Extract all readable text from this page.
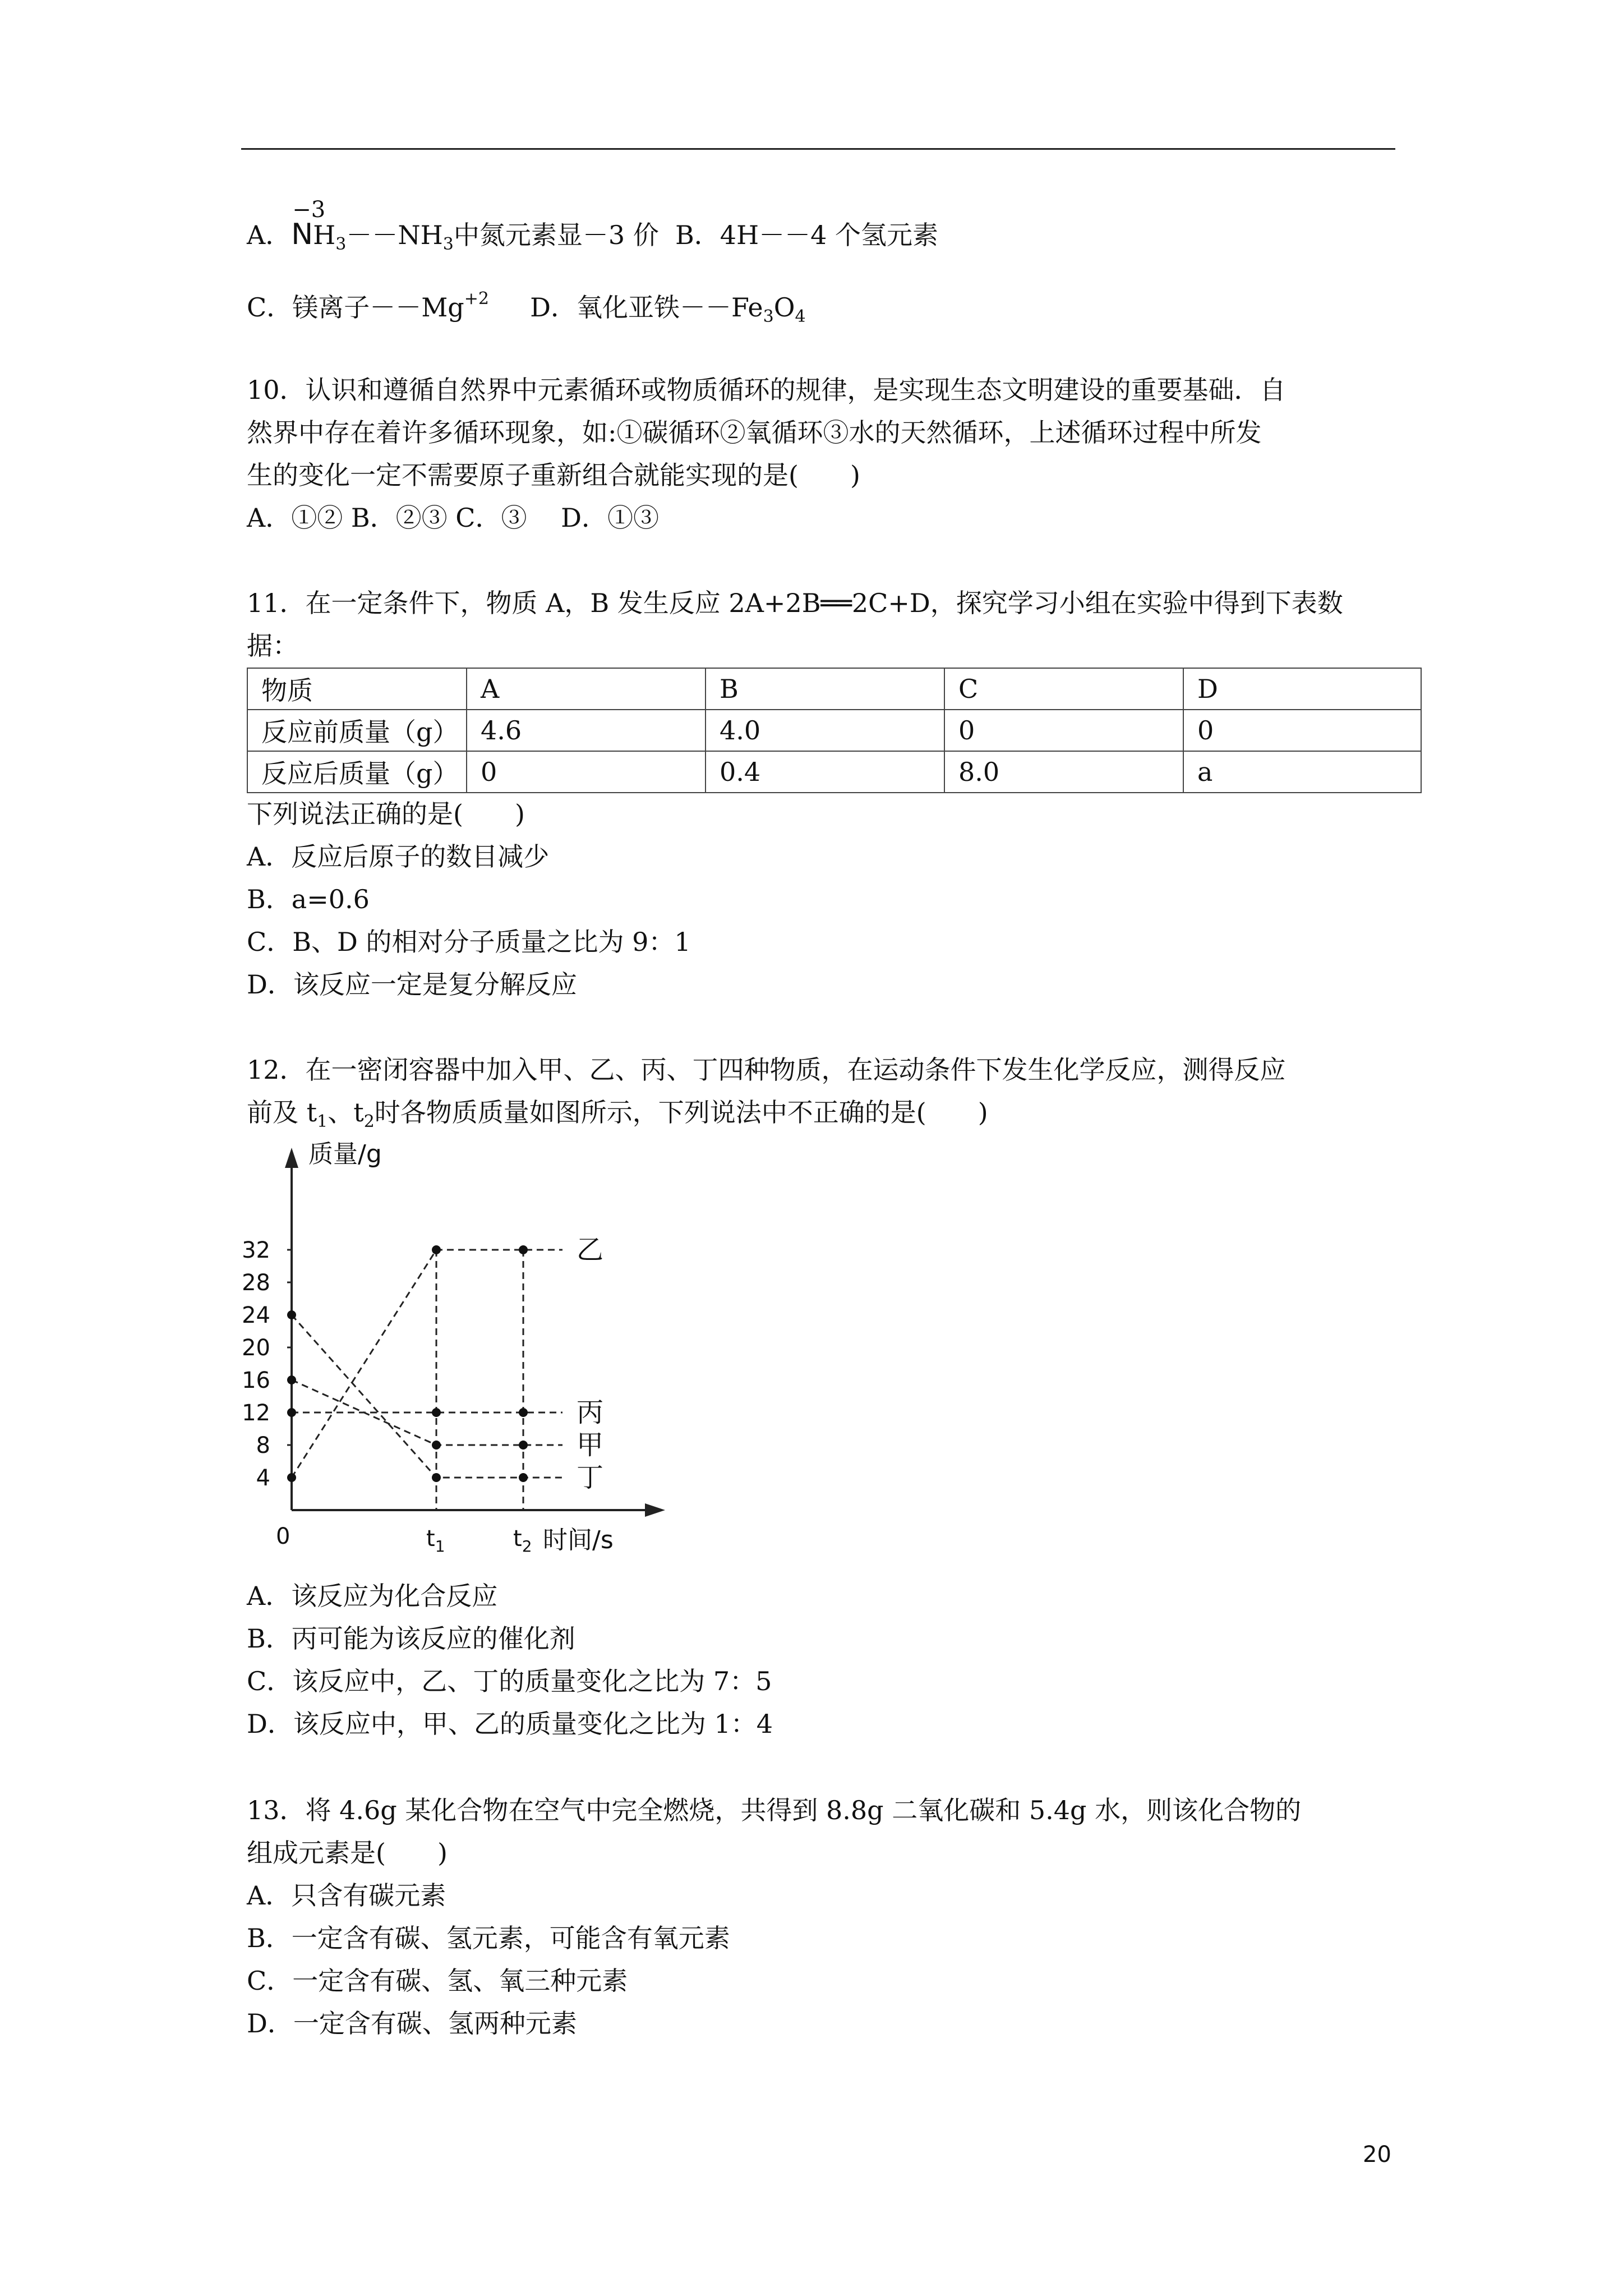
A．
−3
$NH_3--NH_3$中氮元素显－3 价 B．4H－－4 个氢元素
C．镁离子$--Mg^{+2}$ D．氧化亚铁$--Fe_3O_4$
10．认识和遵循自然界中元素循环或物质循环的规律，是实现生态文明建设的重要基础．自
然界中存在着许多循环现象，如:①碳循环②氧循环③水的天然循环，上述循环过程中所发
生的变化一定不需要原子重新组合就能实现的是(　　)
A．①② B．②③ C．③　 D．①③
11．在一定条件下，物质 A，B 发生反应 2A+2B══2C+D，探究学习小组在实验中得到下表数
据：
物质	A	B	C	D
反应前质量（g）	4.6	4.0	0	0
反应后质量（g）	0	0.4	8.0	a
下列说法正确的是(　　)
A．反应后原子的数目减少
B．a=0.6
C．B、D 的相对分子质量之比为 9：1
D．该反应一定是复分解反应
12．在一密闭容器中加入甲、乙、丙、丁四种物质，在运动条件下发生化学反应，测得反应
前及 $t_1$、$t_2$时各物质质量如图所示，下列说法中不正确的是(　　)
4
8
12
16
20
24
28
32
质量/g
时间/s
0	$t_1$	$t_2$
乙
丙
甲
丁
A．该反应为化合反应
B．丙可能为该反应的催化剂
C．该反应中，乙、丁的质量变化之比为 7：5
D．该反应中，甲、乙的质量变化之比为 1：4
13．将 4.6g 某化合物在空气中完全燃烧，共得到 8.8g 二氧化碳和 5.4g 水，则该化合物的
组成元素是(　　)
A．只含有碳元素
B．一定含有碳、氢元素，可能含有氧元素
C．一定含有碳、氢、氧三种元素
D．一定含有碳、氢两种元素
20
